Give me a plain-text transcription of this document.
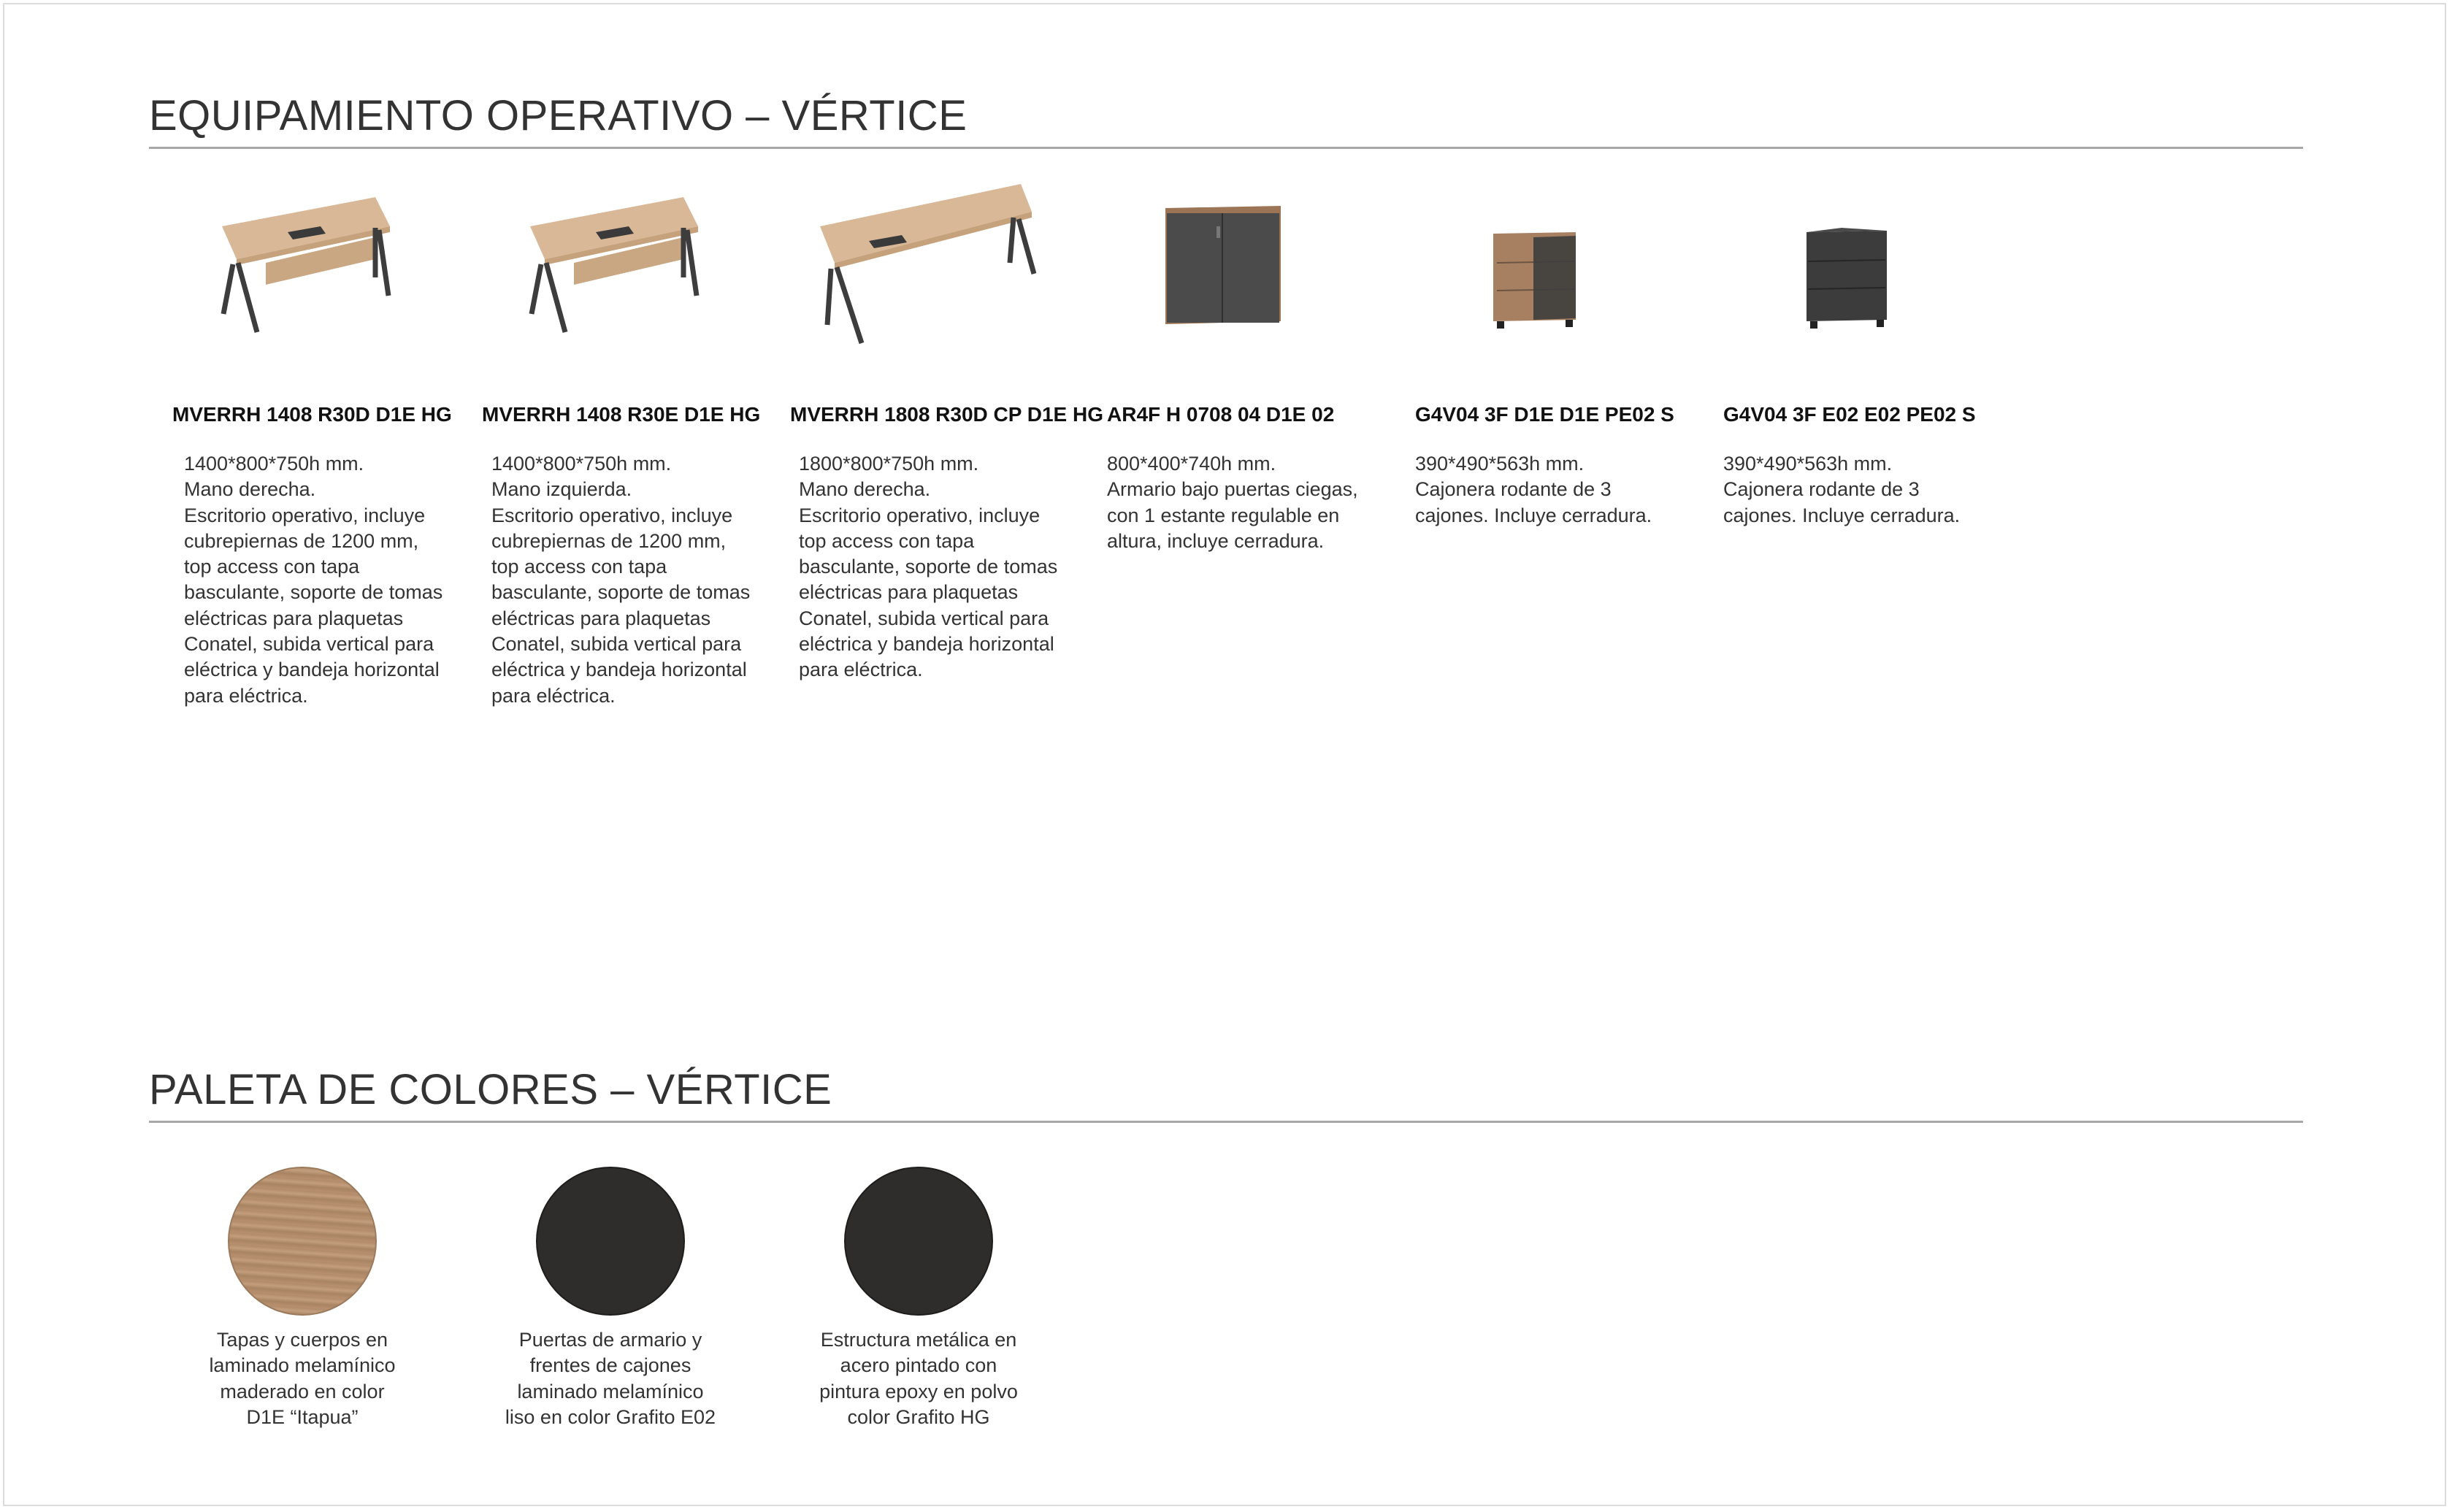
EQUIPAMIENTO OPERATIVO – VÉRTICE
MVERRH 1408 R30D D1E HG
1400*800*750h mm.
Mano derecha.
Escritorio operativo, incluye cubrepiernas de 1200 mm, top access con tapa basculante, soporte de tomas eléctricas para plaquetas Conatel, subida vertical para eléctrica y bandeja horizontal para eléctrica.
MVERRH 1408 R30E D1E HG
1400*800*750h mm.
Mano izquierda.
Escritorio operativo, incluye cubrepiernas de 1200 mm, top access con tapa basculante, soporte de tomas eléctricas para plaquetas Conatel, subida vertical para eléctrica y bandeja horizontal para eléctrica.
MVERRH 1808 R30D CP D1E HG
1800*800*750h mm.
Mano derecha.
Escritorio operativo, incluye top access con tapa basculante, soporte de tomas eléctricas para plaquetas Conatel, subida vertical para eléctrica y bandeja horizontal para eléctrica.
AR4F H 0708 04 D1E 02
800*400*740h mm.
Armario bajo puertas ciegas, con 1 estante regulable en altura, incluye cerradura.
G4V04 3F D1E D1E PE02 S
390*490*563h mm.
Cajonera rodante de 3 cajones. Incluye cerradura.
G4V04 3F E02 E02 PE02 S
390*490*563h mm.
Cajonera rodante de 3 cajones. Incluye cerradura.
PALETA DE COLORES – VÉRTICE
Tapas y cuerpos en
laminado melamínico
maderado en color
D1E “Itapua”
Puertas de armario y
frentes de cajones
laminado melamínico
liso en color Grafito E02
Estructura metálica en
acero pintado con
pintura epoxy en polvo
color Grafito HG
